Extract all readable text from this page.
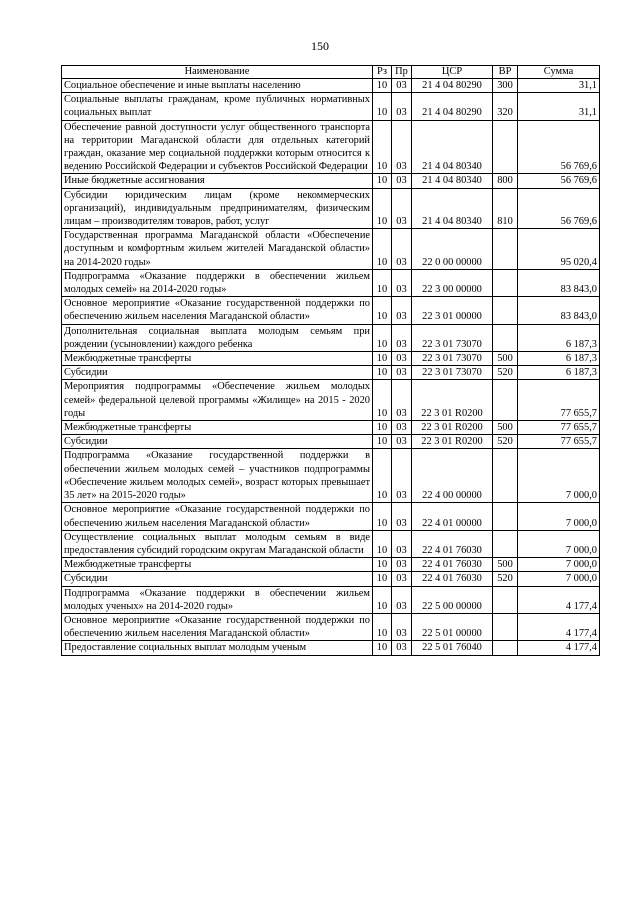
150
Наименование	Рз	Пр	ЦСР	ВР	Сумма
Социальное обеспечение и иные выплаты населению	10	03	21 4 04 80290	300	31,1
Социальные выплаты гражданам, кроме публичных нормативных социальных выплат	10	03	21 4 04 80290	320	31,1
Обеспечение равной доступности услуг общественного транспорта на территории Магаданской области для отдельных категорий граждан, оказание мер социальной поддержки которым относится к ведению Российской Федерации и субъектов Российской Федерации	10	03	21 4 04 80340		56 769,6
Иные бюджетные ассигнования	10	03	21 4 04 80340	800	56 769,6
Субсидии юридическим лицам (кроме некоммерческих организаций), индивидуальным предпринимателям, физическим лицам – производителям товаров, работ, услуг	10	03	21 4 04 80340	810	56 769,6
Государственная программа Магаданской области «Обеспечение доступным и комфортным жильем жителей Магаданской области» на 2014-2020 годы»	10	03	22 0 00 00000		95 020,4
Подпрограмма «Оказание поддержки в обеспечении жильем молодых семей» на 2014-2020 годы»	10	03	22 3 00 00000		83 843,0
Основное мероприятие «Оказание государственной поддержки по обеспечению жильем населения Магаданской области»	10	03	22 3 01 00000		83 843,0
Дополнительная социальная выплата молодым семьям при рождении (усыновлении) каждого ребенка	10	03	22 3 01 73070		6 187,3
Межбюджетные трансферты	10	03	22 3 01 73070	500	6 187,3
Субсидии	10	03	22 3 01 73070	520	6 187,3
Мероприятия подпрограммы «Обеспечение жильем молодых семей» федеральной целевой программы «Жилище» на 2015 - 2020 годы	10	03	22 3 01 R0200		77 655,7
Межбюджетные трансферты	10	03	22 3 01 R0200	500	77 655,7
Субсидии	10	03	22 3 01 R0200	520	77 655,7
Подпрограмма «Оказание государственной поддержки в обеспечении жильем молодых семей – участников подпрограммы «Обеспечение жильем молодых семей», возраст которых превышает 35 лет» на 2015-2020 годы»	10	03	22 4 00 00000		7 000,0
Основное мероприятие «Оказание государственной поддержки по обеспечению жильем населения Магаданской области»	10	03	22 4 01 00000		7 000,0
Осуществление социальных выплат молодым семьям в виде предоставления субсидий городским округам Магаданской области	10	03	22 4 01 76030		7 000,0
Межбюджетные трансферты	10	03	22 4 01 76030	500	7 000,0
Субсидии	10	03	22 4 01 76030	520	7 000,0
Подпрограмма «Оказание поддержки в обеспечении жильем молодых ученых» на 2014-2020 годы»	10	03	22 5 00 00000		4 177,4
Основное мероприятие «Оказание государственной поддержки по обеспечению жильем населения Магаданской области»	10	03	22 5 01 00000		4 177,4
Предоставление социальных выплат молодым ученым	10	03	22 5 01 76040		4 177,4
